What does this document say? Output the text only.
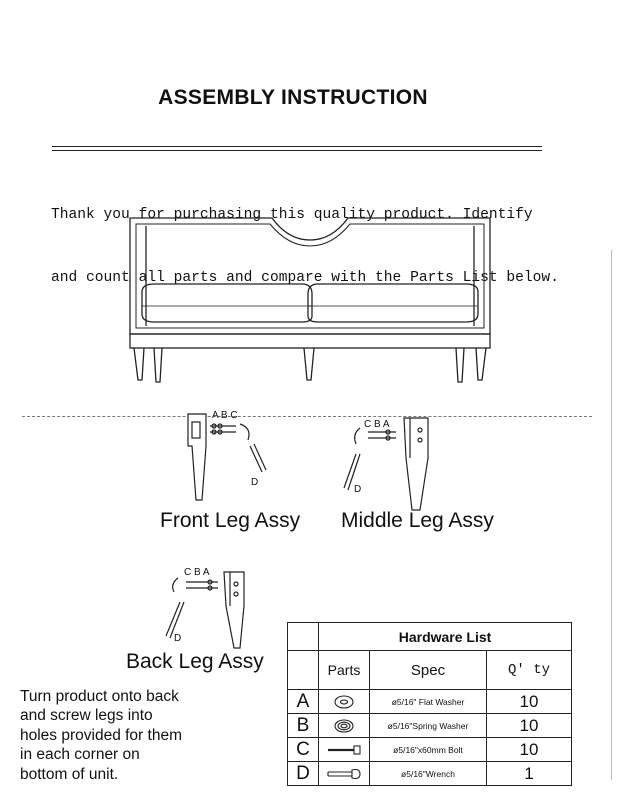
ASSEMBLY INSTRUCTION

Thank you for purchasing this quality product. Identify

and count all parts and compare with the Parts List below.

A B C
D
Front Leg Assy
C B A
D
Middle Leg Assy
C B A
D
Back Leg Assy
Turn product onto back
and screw legs into
holes provided for them
in each corner on
bottom of unit.
	Hardware List		
	Parts	Spec	Q' ty
A		ø5/16" Flat Washer	10
B		ø5/16"Spring Washer	10
C		ø5/16"x60mm Bolt	10
D		ø5/16"Wrench	1
